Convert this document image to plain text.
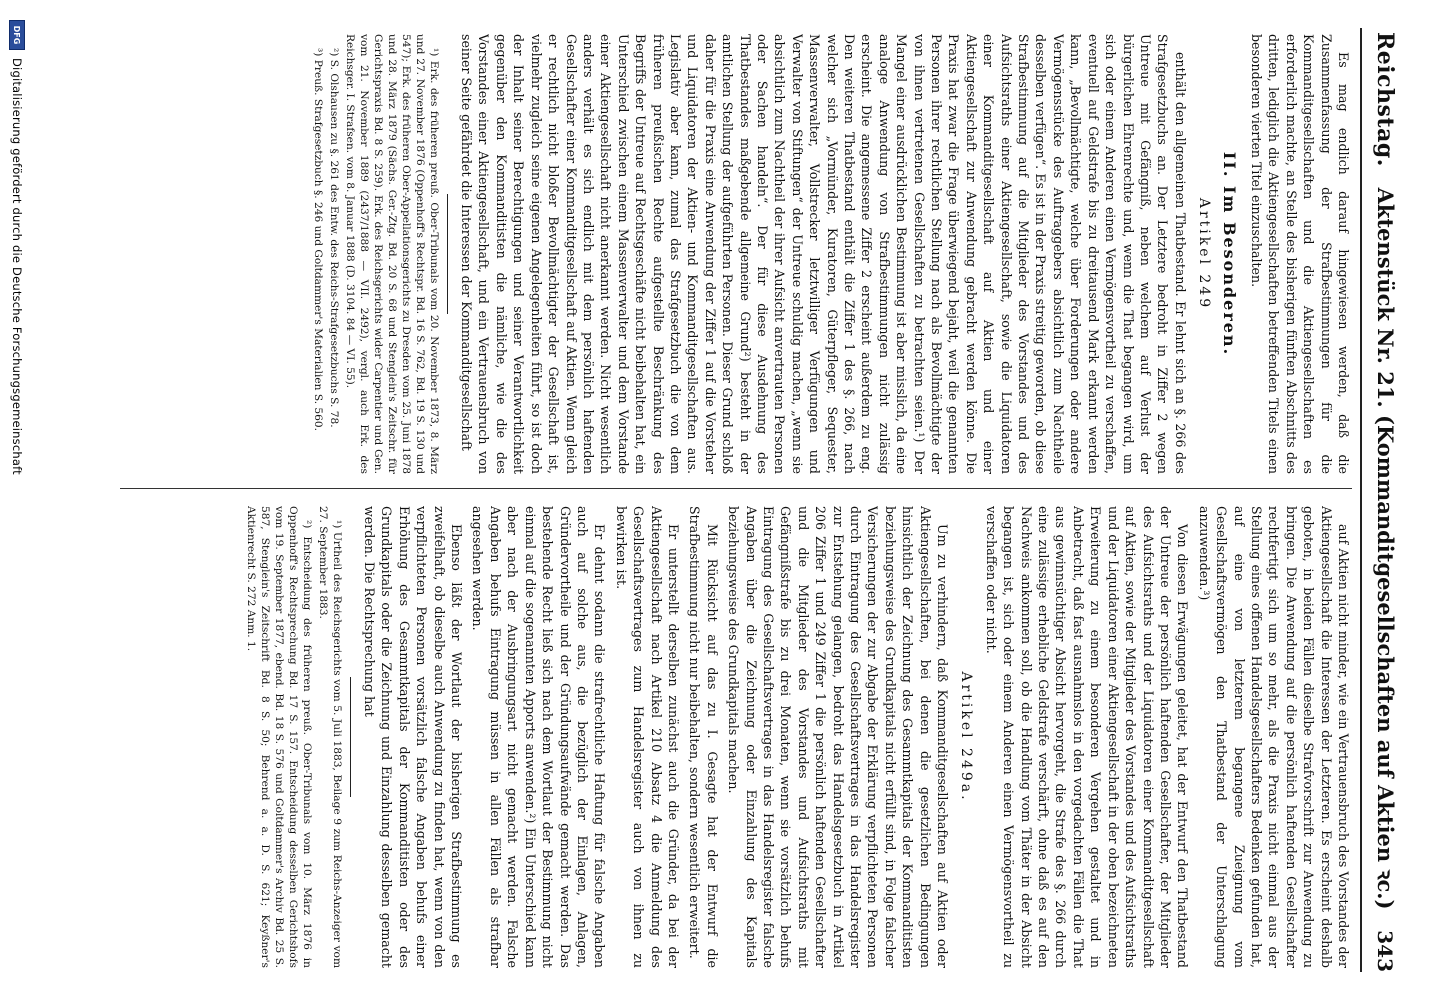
Reichstag.
Aktenstück Nr. 21. (Kommanditgesellschaften auf Aktien ꝛc.)
343

Es mag endlich darauf hingewiesen werden, daß die Zusammenfassung der Strafbestimmungen für die Kommanditgesellschaften und die Aktiengesellschaften es erforderlich machte, an Stelle des bisherigen fünften Abschnitts des dritten, lediglich die Aktiengesellschaften betreffenden Titels einen besonderen vierten Titel einzuschalten.

II. Im Besonderen.
Artikel 249

enthält den allgemeinen Thatbestand. Er lehnt sich an §. 266 des Strafgesetzbuchs an. Der Letztere bedroht in Ziffer 2 wegen Untreue mit Gefängniß, neben welchem auf Verlust der bürgerlichen Ehrenrechte und, wenn die That begangen wird, um sich oder einem Anderen einen Vermögensvortheil zu verschaffen, eventuell auf Geldstrafe bis zu dreitausend Mark erkannt werden kann, „Bevollmächtigte, welche über Forderungen oder andere Vermögensstücke des Auftraggebers absichtlich zum Nachtheile desselben verfügen“. Es ist in der Praxis streitig geworden, ob diese Strafbestimmung auf die Mitglieder des Vorstandes und des Aufsichtsraths einer Aktiengesellschaft, sowie die Liquidatoren einer Kommanditgesellschaft auf Aktien und einer Aktiengesellschaft zur Anwendung gebracht werden könne. Die Praxis hat zwar die Frage überwiegend bejaht, weil die genannten Personen ihrer rechtlichen Stellung nach als Bevollmächtigte der von ihnen vertretenen Gesellschaften zu betrachten seien.¹) Der Mangel einer ausdrücklichen Bestimmung ist aber misslich, da eine analoge Anwendung von Strafbestimmungen nicht zulässig erscheint. Die angemessene Ziffer 2 erscheint außerdem zu eng. Den weiteren Thatbestand enthält die Ziffer 1 des §. 266, nach welcher sich „Vormünder, Kuratoren, Güterpfleger, Sequester, Massenverwalter, Vollstrecker letztwilliger Verfügungen und Verwalter von Stiftungen“ der Untreue schuldig machen, „wenn sie absichtlich zum Nachtheil der ihrer Aufsicht anvertrauten Personen oder Sachen handeln“. Der für diese Ausdehnung des Thatbestandes maßgebende allgemeine Grund²) besteht in der amtlichen Stellung der aufgeführten Personen. Dieser Grund schloß daher für die Praxis eine Anwendung der Ziffer 1 auf die Vorsteher und Liquidatoren der Aktien- und Kommanditgesellschaften aus. Legislativ aber kann, zumal das Strafgesetzbuch die von dem früheren preußischen Rechte aufgestellte Beschränkung des Begriffs der Untreue auf Rechtsgeschäfte nicht beibehalten hat, ein Unterschied zwischen einem Massenverwalter und dem Vorstande einer Aktiengesellschaft nicht anerkannt werden. Nicht wesentlich anders verhält es sich endlich mit dem persönlich haftenden Gesellschafter einer Kommanditgesellschaft auf Aktien. Wenn gleich er rechtlich nicht bloßer Bevollmächtigter der Gesellschaft ist, vielmehr zugleich seine eigenen Angelegenheiten führt, so ist doch der Inhalt seiner Berechtigungen und seiner Verantwortlichkeit gegenüber den Kommanditisten die nämliche, wie die des Vorstandes einer Aktiengesellschaft, und ein Vertrauensbruch von seiner Seite gefährdet die Interessen der Kommanditgesellschaft

¹) Erk. des früheren preuß. Ober-Tribunals vom 20. November 1873, 8. März und 27. November 1876 (Oppenhoff's Rechtspr. Bd. 16 S. 762, Bd. 19 S. 130 und 547); Erk. des früheren Ober-Appellationsgerichts zu Dresden vom 25. Juni 1878 und 28. März 1879 (Sächs. Ger.-Ztg. Bd. 20 S. 68 und Stenglein's Zeitschr. für Gerichtspraxis Bd. 8 S. 259). Erk. des Reichsgerichts wider Carpentier und Gen. vom 21. November 1889 (2437/1888 — VII. 2492), vergl. auch Erk. des Reichsger. I. Strafsen. vom 8. Januar 1888 (D. 3104. 84 — VI. 55).

²) S. Olshausen zu §. 261 des Entw. des Reichs-Strafgesetzbuchs S. 78.

³) Preuß. Strafgesetzbuch §. 246 und Goltdammer's Materialien S. 560.

auf Aktien nicht minder, wie ein Vertrauensbruch des Vorstandes der Aktiengesellschaft die Interessen der Letzteren. Es erscheint deshalb geboten, in beiden Fällen dieselbe Strafvorschrift zur Anwendung zu bringen. Die Anwendung auf die persönlich haftenden Gesellschafter rechtfertigt sich um so mehr, als die Praxis nicht einmal aus der Stellung eines offenen Handelsgesellschafters Bedenken gefunden hat, auf eine von letzterem begangene Zueignung vom Gesellschaftsvermögen den Thatbestand der Unterschlagung anzuwenden.³)

Von diesen Erwägungen geleitet, hat der Entwurf den Thatbestand der Untreue der persönlich haftenden Gesellschafter, der Mitglieder des Aufsichtsraths und der Liquidatoren einer Kommanditgesellschaft auf Aktien, sowie der Mitglieder des Vorstandes und des Aufsichtsraths und der Liquidatoren einer Aktiengesellschaft in der oben bezeichneten Erweiterung zu einem besonderen Vergehen gestaltet und in Anbetracht, daß fast ausnahmslos in den vorgedachten Fällen die That aus gewinnsüchtiger Absicht hervorgeht, die Strafe des §. 266 durch eine zulässige erhebliche Geldstrafe verschärft, ohne daß es auf den Nachweis ankommen soll, ob die Handlung vom Thäter in der Absicht begangen ist, sich oder einem Anderen einen Vermögensvortheil zu verschaffen oder nicht.

Artikel 249a.

Um zu verhindern, daß Kommanditgesellschaften auf Aktien oder Aktiengesellschaften, bei denen die gesetzlichen Bedingungen hinsichtlich der Zeichnung des Gesammtkapitals der Kommanditisten beziehungsweise des Grundkapitals nicht erfüllt sind, in Folge falscher Versicherungen der zur Abgabe der Erklärung verpflichteten Personen durch Eintragung des Gesellschaftsvertrages in das Handelsregister zur Entstehung gelangen, bedroht das Handelsgesetzbuch in Artikel 206 Ziffer 1 und 249 Ziffer 1 die persönlich haftenden Gesellschafter und die Mitglieder des Vorstandes und Aufsichtsraths mit Gefängnißstrafe bis zu drei Monaten, wenn sie vorsätzlich behufs Eintragung des Gesellschaftsvertrages in das Handelsregister falsche Angaben über die Zeichnung oder Einzahlung des Kapitals beziehungsweise des Grundkapitals machen.

Mit Rücksicht auf das zu I. Gesagte hat der Entwurf die Strafbestimmung nicht nur beibehalten, sondern wesentlich erweitert.

Er unterstellt derselben zunächst auch die Gründer, da bei der Aktiengesellschaft nach Artikel 210 Absatz 4 die Anmeldung des Gesellschaftsvertrages zum Handelsregister auch von ihnen zu bewirken ist.

Er dehnt sodann die strafrechtliche Haftung für falsche Angaben auch auf solche aus, die bezüglich der Einlagen, Anlagen, Gründervortheile und der Gründungsaufwände gemacht werden. Das bestehende Recht ließ sich nach dem Wortlaut der Bestimmung nicht einmal auf die sogenannten Apports anwenden.²) Ein Unterschied kann aber nach der Ausbringungsart nicht gemacht werden. Falsche Angaben behufs Eintragung müssen in allen Fällen als strafbar angesehen werden.

Ebenso läßt der Wortlaut der bisherigen Strafbestimmung es zweifelhaft, ob dieselbe auch Anwendung zu finden hat, wenn von den verpflichteten Personen vorsätzlich falsche Angaben behufs einer Erhöhung des Gesammtkapitals der Kommanditisten oder des Grundkapitals oder die Zeichnung und Einzahlung desselben gemacht werden. Die Rechtsprechung hat

¹) Urtheil des Reichsgerichts vom 5. Juli 1883, Beilage 9 zum Reichs-Anzeiger vom 27. September 1883.

²) Entscheidung des früheren preuß. Ober-Tribunals vom 10. März 1876 in Oppenhoff's Rechtsprechung Bd. 17 S. 157. Entscheidung desselben Gerichtshofs vom 19. September 1877, ebend. Bd. 18 S. 576 und Goltdammer's Archiv Bd. 25 S. 587, Stenglein's Zeitschrift Bd. 8 S. 50; Behrend a. a. D. S. 621; Keyßner's Aktienrecht S. 272 Anm. 1.

DFG
Digitalisierung gefördert durch die Deutsche Forschungsgemeinschaft
